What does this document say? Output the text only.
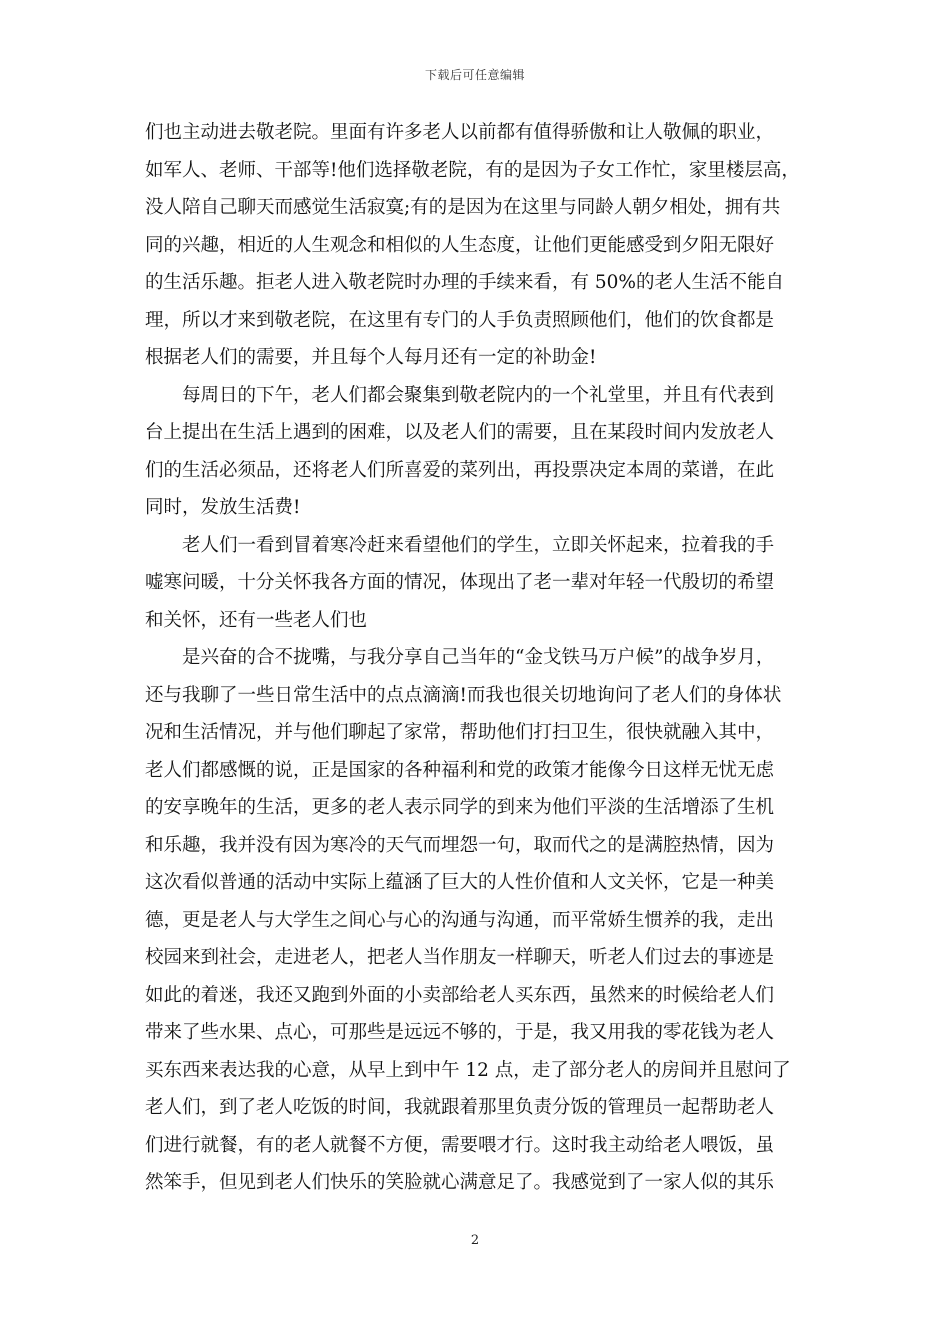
下载后可任意编辑

们也主动进去敬老院。里面有许多老人以前都有值得骄傲和让人敬佩的职业，
如军人、老师、干部等!他们选择敬老院，有的是因为子女工作忙，家里楼层高，
没人陪自己聊天而感觉生活寂寞;有的是因为在这里与同龄人朝夕相处，拥有共
同的兴趣，相近的人生观念和相似的人生态度，让他们更能感受到夕阳无限好
的生活乐趣。拒老人进入敬老院时办理的手续来看，有 50%的老人生活不能自
理，所以才来到敬老院，在这里有专门的人手负责照顾他们，他们的饮食都是
根据老人们的需要，并且每个人每月还有一定的补助金!

每周日的下午，老人们都会聚集到敬老院内的一个礼堂里，并且有代表到
台上提出在生活上遇到的困难，以及老人们的需要，且在某段时间内发放老人
们的生活必须品，还将老人们所喜爱的菜列出，再投票决定本周的菜谱，在此
同时，发放生活费!

老人们一看到冒着寒冷赶来看望他们的学生，立即关怀起来，拉着我的手
嘘寒问暖，十分关怀我各方面的情况，体现出了老一辈对年轻一代殷切的希望
和关怀，还有一些老人们也

是兴奋的合不拢嘴，与我分享自己当年的“金戈铁马万户候”的战争岁月，
还与我聊了一些日常生活中的点点滴滴!而我也很关切地询问了老人们的身体状
况和生活情况，并与他们聊起了家常，帮助他们打扫卫生，很快就融入其中，
老人们都感慨的说，正是国家的各种福利和党的政策才能像今日这样无忧无虑
的安享晚年的生活，更多的老人表示同学的到来为他们平淡的生活增添了生机
和乐趣，我并没有因为寒冷的天气而埋怨一句，取而代之的是满腔热情，因为
这次看似普通的活动中实际上蕴涵了巨大的人性价值和人文关怀，它是一种美
德，更是老人与大学生之间心与心的沟通与沟通，而平常娇生惯养的我，走出
校园来到社会，走进老人，把老人当作朋友一样聊天，听老人们过去的事迹是
如此的着迷，我还又跑到外面的小卖部给老人买东西，虽然来的时候给老人们
带来了些水果、点心，可那些是远远不够的，于是，我又用我的零花钱为老人
买东西来表达我的心意，从早上到中午 12 点，走了部分老人的房间并且慰问了
老人们，到了老人吃饭的时间，我就跟着那里负责分饭的管理员一起帮助老人
们进行就餐，有的老人就餐不方便，需要喂才行。这时我主动给老人喂饭，虽
然笨手，但见到老人们快乐的笑脸就心满意足了。我感觉到了一家人似的其乐

2
